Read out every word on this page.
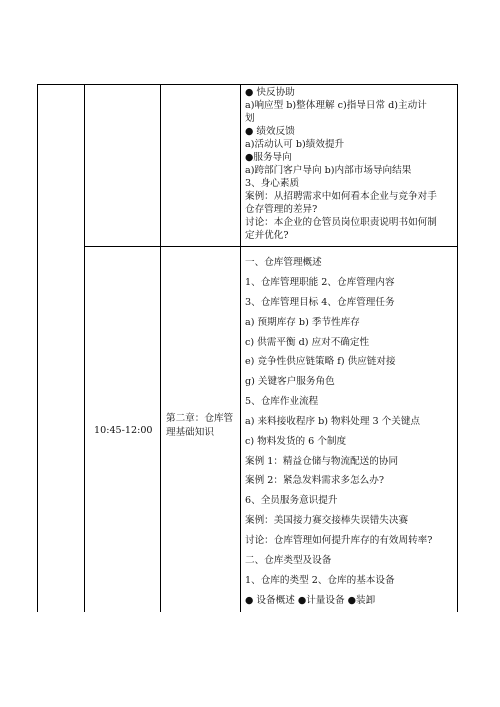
● 快反协助
a)响应型 b)整体理解 c)指导日常 d)主动计
划
● 绩效反馈
a)活动认可 b)绩效提升
●服务导向
a)跨部门客户导向 b)内部市场导向结果
3、身心素质
案例：从招聘需求中如何看本企业与竞争对手
仓存管理的差异?
讨论：本企业的仓管员岗位职责说明书如何制
定并优化?
10:45-12:00
第二章：仓库管
理基础知识
一、仓库管理概述
1、仓库管理职能 2、仓库管理内容
3、仓库管理目标 4、仓库管理任务
a) 预期库存 b) 季节性库存
c) 供需平衡 d) 应对不确定性
e) 竞争性供应链策略 f) 供应链对接
g) 关键客户服务角色
5、仓库作业流程
a) 来料接收程序 b) 物料处理 3 个关键点
c) 物料发货的 6 个制度
案例 1：精益仓储与物流配送的协同
案例 2：紧急发料需求多怎么办?
6、全员服务意识提升
案例：美国接力赛交接棒失误错失决赛
讨论：仓库管理如何提升库存的有效周转率?
二、仓库类型及设备
1、仓库的类型 2、仓库的基本设备
● 设备概述 ●计量设备 ●装卸
